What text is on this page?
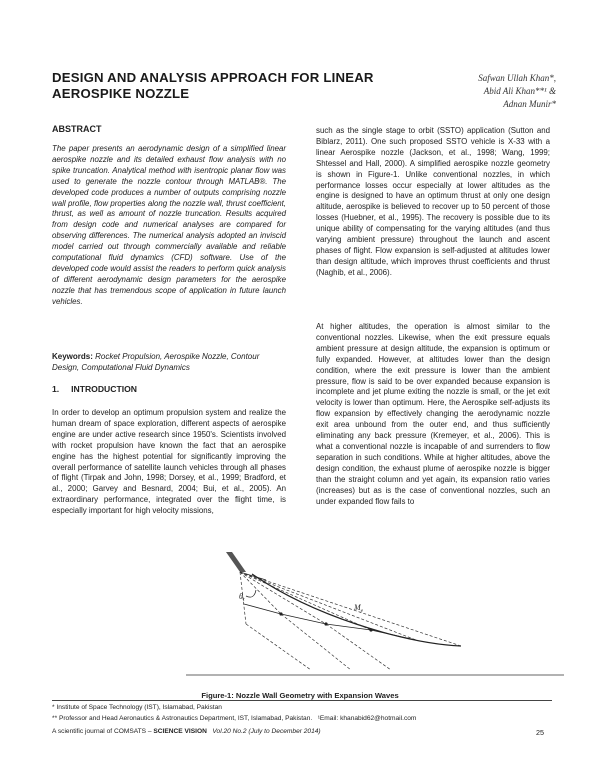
DESIGN AND ANALYSIS APPROACH FOR LINEAR AEROSPIKE NOZZLE
Safwan Ullah Khan*,
Abid Ali Khan**¹ &
Adnan Munir*
ABSTRACT
The paper presents an aerodynamic design of a simplified linear aerospike nozzle and its detailed exhaust flow analysis with no spike truncation. Analytical method with isentropic planar flow was used to generate the nozzle contour through MATLAB®. The developed code produces a number of outputs comprising nozzle wall profile, flow properties along the nozzle wall, thrust coefficient, thrust, as well as amount of nozzle truncation. Results acquired from design code and numerical analyses are compared for observing differences. The numerical analysis adopted an inviscid model carried out through commercially available and reliable computational fluid dynamics (CFD) software. Use of the developed code would assist the readers to perform quick analysis of different aerodynamic design parameters for the aerospike nozzle that has tremendous scope of application in future launch vehicles.
Keywords: Rocket Propulsion, Aerospike Nozzle, Contour Design, Computational Fluid Dynamics
1.     INTRODUCTION
In order to develop an optimum propulsion system and realize the human dream of space exploration, different aspects of aerospike engine are under active research since 1950's. Scientists involved with rocket propulsion have known the fact that an aerospike engine has the highest potential for significantly improving the overall performance of satellite launch vehicles through all phases of flight (Tirpak and John, 1998; Dorsey, et al., 1999; Bradford, et al., 2000; Garvey and Besnard, 2004; Bui, et al., 2005). An extraordinary performance, integrated over the flight time, is especially important for high velocity missions,
such as the single stage to orbit (SSTO) application (Sutton and Biblarz, 2011). One such proposed SSTO vehicle is X-33 with a linear Aerospike nozzle (Jackson, et al., 1998; Wang, 1999; Shtessel and Hall, 2000). A simplified aerospike nozzle geometry is shown in Figure-1. Unlike conventional nozzles, in which performance losses occur especially at lower altitudes as the engine is designed to have an optimum thrust at only one design altitude, aerospike is believed to recover up to 50 percent of those losses (Huebner, et al., 1995). The recovery is possible due to its unique ability of compensating for the varying altitudes (and thus varying ambient pressure) throughout the launch and ascent phases of flight. Flow expansion is self-adjusted at altitudes lower than design altitude, which improves thrust coefficients and thrust (Naghib, et al., 2006).
At higher altitudes, the operation is almost similar to the conventional nozzles. Likewise, when the exit pressure equals ambient pressure at design altitude, the expansion is optimum or fully expanded. However, at altitudes lower than the design condition, where the exit pressure is lower than the ambient pressure, flow is said to be over expanded because expansion is incomplete and jet plume exiting the nozzle is small, or the jet exit velocity is lower than optimum. Here, the Aerospike self-adjusts its flow expansion by effectively changing the aerodynamic nozzle exit area unbound from the outer end, and thus sufficiently eliminating any back pressure (Kremeyer, et al., 2006). This is what a conventional nozzle is incapable of and surrenders to flow separation in such conditions. While at higher altitudes, above the design condition, the exhaust plume of aerospike nozzle is bigger than the straight column and yet again, its expansion ratio varies (increases) but as is the case of conventional nozzles, such an under expanded flow fails to
$\theta_t$
$M_e$
Figure-1: Nozzle Wall Geometry with Expansion Waves
* Institute of Space Technology (IST), Islamabad, Pakistan
** Professor and Head Aeronautics & Astronautics Department, IST, Islamabad, Pakistan.   ¹Email: khanabid62@hotmail.com
A scientific journal of COMSATS – SCIENCE VISION   Vol.20 No.2 (July to December 2014)	25
